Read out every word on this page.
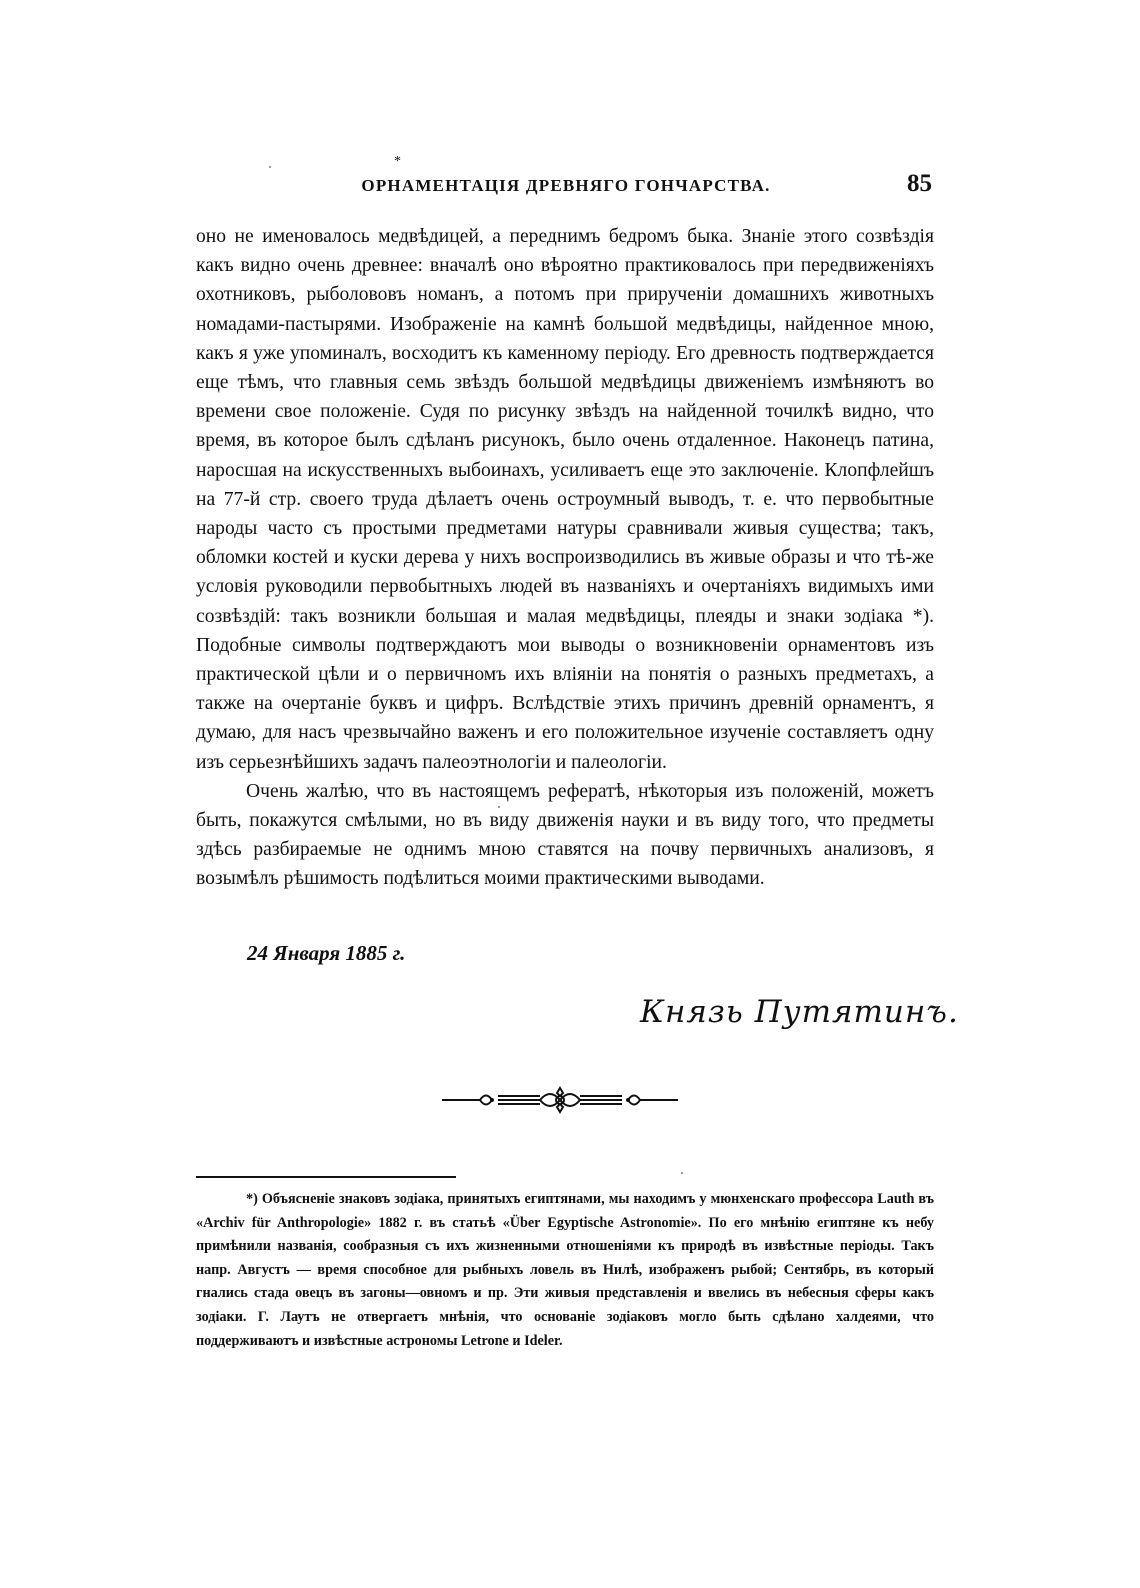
*
ОРНАМЕНТАЦІЯ ДРЕВНЯГО ГОНЧАРСТВА.	85

оно не именовалось медвѣдицей, а переднимъ бедромъ быка. Знаніе этого созвѣздія какъ видно очень древнее: вначалѣ оно вѣроятно практиковалось при передвиженіяхъ охотниковъ, рыболововъ номанъ, а потомъ при прирученіи домашнихъ животныхъ номадами-пастырями. Изображеніе на камнѣ большой медвѣдицы, найденное мною, какъ я уже упоминалъ, восходитъ къ каменному періоду. Его древность подтверждается еще тѣмъ, что главныя семь звѣздъ большой медвѣдицы движеніемъ измѣняютъ во времени свое положеніе. Судя по рисунку звѣздъ на найденной точилкѣ видно, что время, въ которое былъ сдѣланъ рисунокъ, было очень отдаленное. Наконецъ патина, наросшая на искусственныхъ выбоинахъ, усиливаетъ еще это заключеніе. Клопфлейшъ на 77-й стр. своего труда дѣлаетъ очень остроумный выводъ, т. е. что первобытные народы часто съ простыми предметами натуры сравнивали живыя существа; такъ, обломки костей и куски дерева у нихъ воспроизводились въ живые образы и что тѣ-же условія руководили первобытныхъ людей въ названіяхъ и очертаніяхъ видимыхъ ими созвѣздій: такъ возникли большая и малая медвѣдицы, плеяды и знаки зодіака *). Подобные символы подтверждаютъ мои выводы о возникновеніи орнаментовъ изъ практической цѣли и о первичномъ ихъ вліяніи на понятія о разныхъ предметахъ, а также на очертаніе буквъ и цифръ. Вслѣдствіе этихъ причинъ древній орнаментъ, я думаю, для насъ чрезвычайно важенъ и его положительное изученіе составляетъ одну изъ серьезнѣйшихъ задачъ палеоэтнологіи и палеологіи.

Очень жалѣю, что въ настоящемъ рефератѣ, нѣкоторыя изъ положеній, можетъ быть, покажутся смѣлыми, но въ виду движенія науки и въ виду того, что предметы здѣсь разбираемые не однимъ мною ставятся на почву первичныхъ анализовъ, я возымѣлъ рѣшимость подѣлиться моими практическими выводами.

24 Января 1885 г.
Князь Путятинъ.
*) Объясненіе знаковъ зодіака, принятыхъ египтянами, мы находимъ у мюнхенскаго профессора Lauth въ «Archiv für Anthropologie» 1882 г. въ статьѣ «Über Egyptische Astronomie». По его мнѣнію египтяне къ небу примѣнили названія, сообразныя съ ихъ жизненными отношеніями къ природѣ въ извѣстные періоды. Такъ напр. Августъ — время способное для рыбныхъ ловель въ Нилѣ, изображенъ рыбой; Сентябрь, въ который гнались стада овецъ въ загоны—овномъ и пр. Эти живыя представленія и ввелись въ небесныя сферы какъ зодіаки. Г. Лаутъ не отвергаетъ мнѣнія, что основаніе зодіаковъ могло быть сдѣлано халдеями, что поддерживаютъ и извѣстные астрономы Letrone и Ideler.
